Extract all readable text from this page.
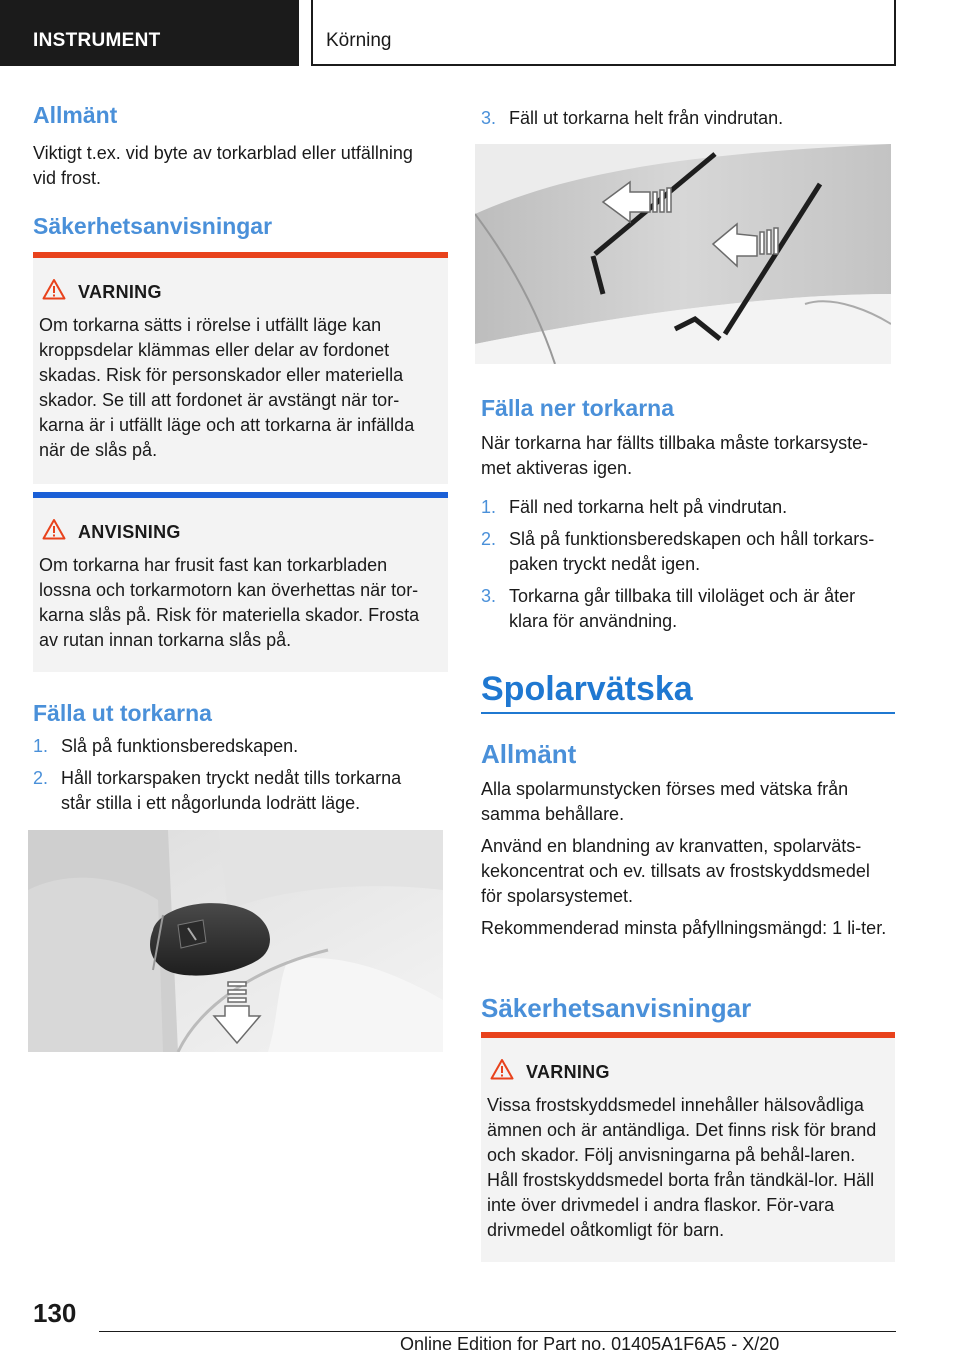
INSTRUMENT	Körning
Allmänt

Viktigt t.ex. vid byte av torkarblad eller utfällning vid frost.

Säkerhetsanvisningar
VARNING
Om torkarna sätts i rörelse i utfällt läge kan kroppsdelar klämmas eller delar av fordonet skadas. Risk för personskador eller materiella skador. Se till att fordonet är avstängt när tor-karna är i utfällt läge och att torkarna är infällda när de slås på.
ANVISNING
Om torkarna har frusit fast kan torkarbladen lossna och torkarmotorn kan överhettas när tor-karna slås på. Risk för materiella skador. Frosta av rutan innan torkarna slås på.
Fälla ut torkarna
1. Slå på funktionsberedskapen.
2. Håll torkarspaken tryckt nedåt tills torkarna står stilla i ett någorlunda lodrätt läge.
3. Fäll ut torkarna helt från vindrutan.
Fälla ner torkarna

När torkarna har fällts tillbaka måste torkarsyste-met aktiveras igen.

1. Fäll ned torkarna helt på vindrutan.
2. Slå på funktionsberedskapen och håll torkars-paken tryckt nedåt igen.
3. Torkarna går tillbaka till viloläget och är åter klara för användning.
Spolarvätska
Allmänt

Alla spolarmunstycken förses med vätska från samma behållare.

Använd en blandning av kranvatten, spolarväts-kekoncentrat och ev. tillsats av frostskyddsmedel för spolarsystemet.

Rekommenderad minsta påfyllningsmängd: 1 li-ter.

Säkerhetsanvisningar
VARNING
Vissa frostskyddsmedel innehåller hälsovådliga ämnen och är antändliga. Det finns risk för brand och skador. Följ anvisningarna på behål-laren. Håll frostskyddsmedel borta från tändkäl-lor. Häll inte över drivmedel i andra flaskor. För-vara drivmedel oåtkomligt för barn.
130
Online Edition for Part no. 01405A1F6A5 - X/20
